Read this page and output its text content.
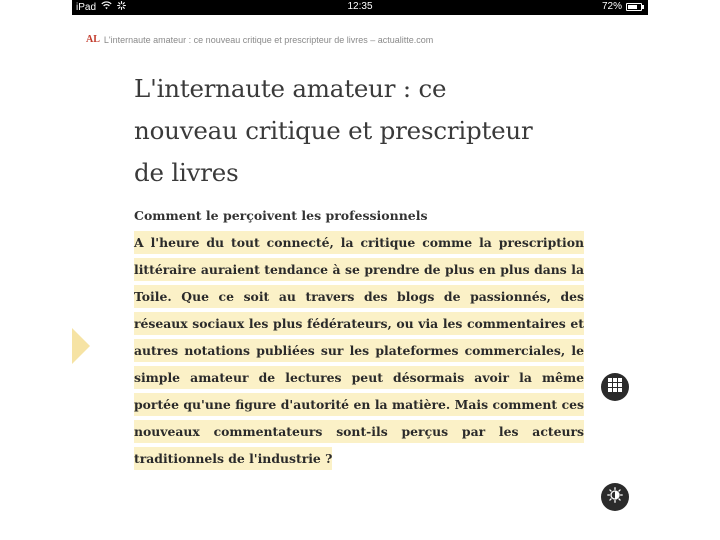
iPad	12:35	72%
AL L'internaute amateur : ce nouveau critique et prescripteur de livres – actualitte.com
L'internaute amateur : ce
nouveau critique et prescripteur
de livres
Comment le perçoivent les professionnels

A l'heure du tout connecté, la critique comme la prescription littéraire auraient tendance à se prendre de plus en plus dans la Toile. Que ce soit au travers des blogs de passionnés, des réseaux sociaux les plus fédérateurs, ou via les commentaires et autres notations publiées sur les plateformes commerciales, le simple amateur de lectures peut désormais avoir la même portée qu'une figure d'autorité en la matière. Mais comment ces nouveaux commentateurs sont-ils perçus par les acteurs traditionnels de l'industrie ?
